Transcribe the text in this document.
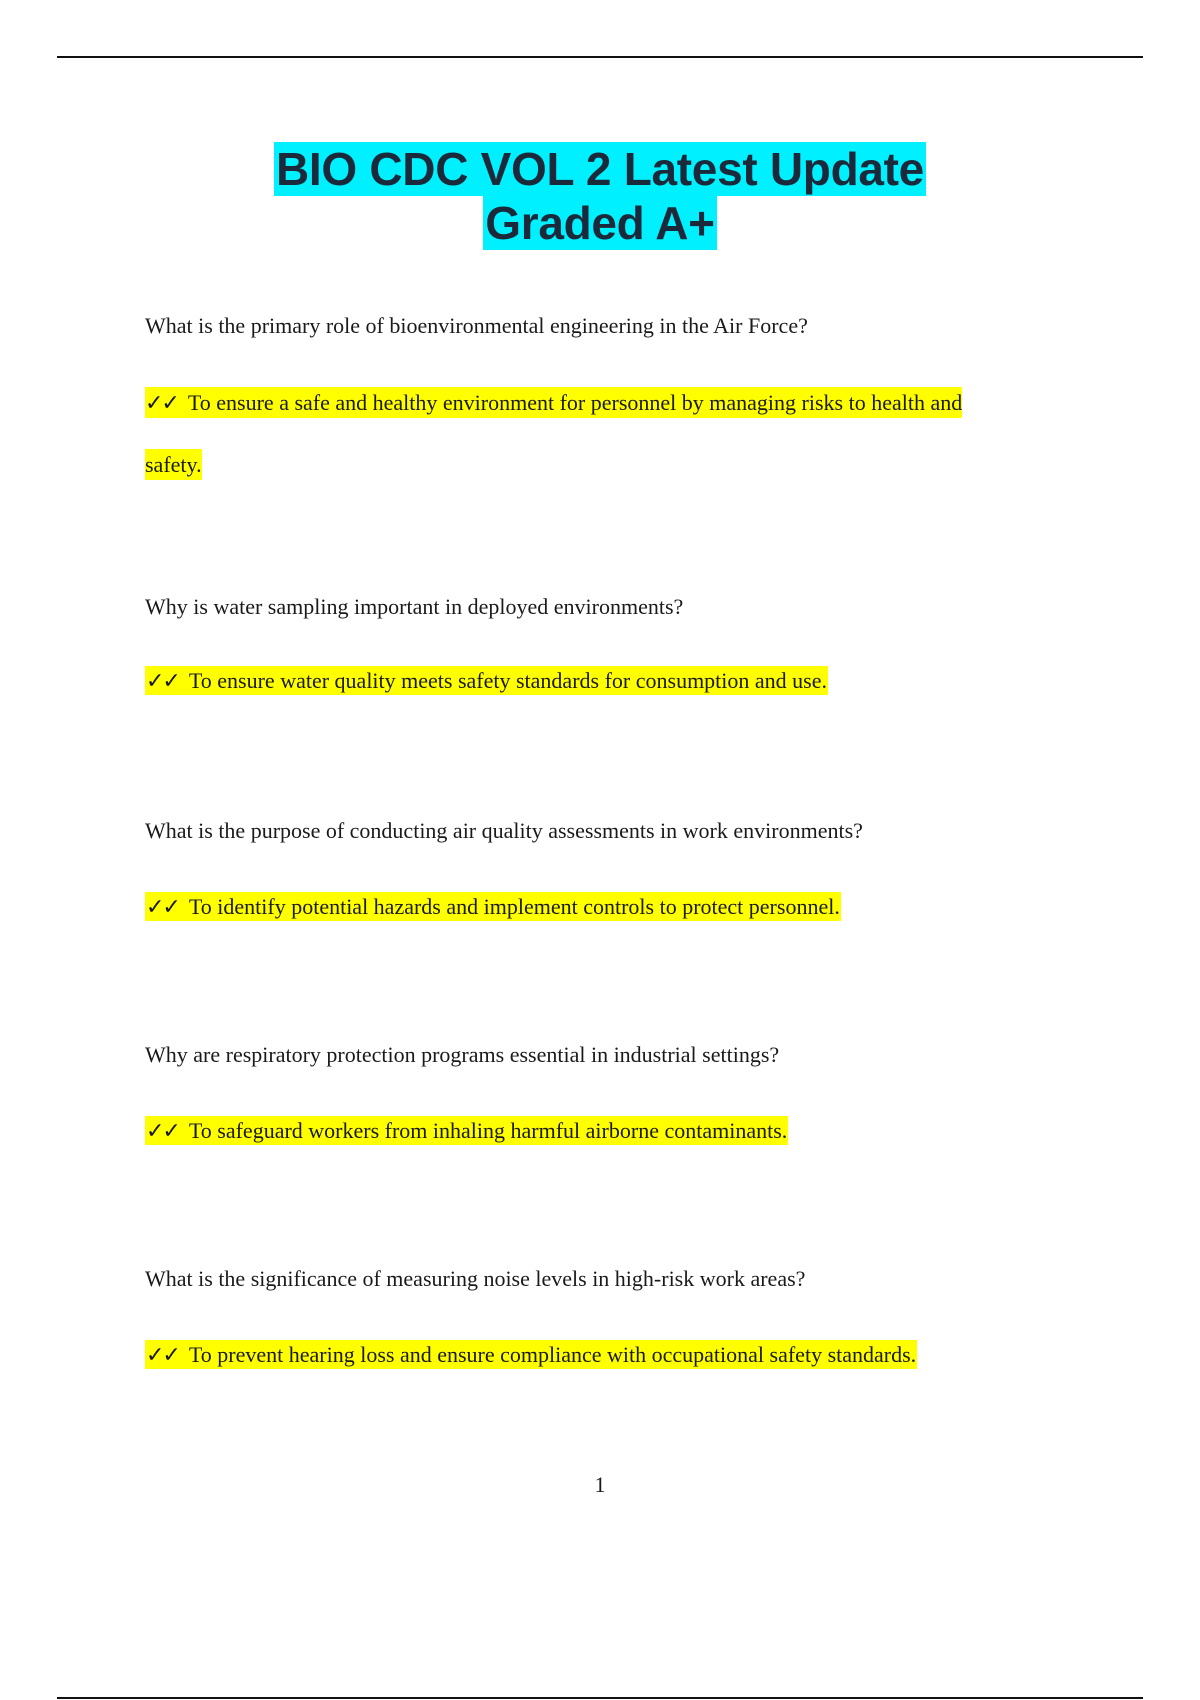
BIO CDC VOL 2 Latest Update
Graded A+
What is the primary role of bioenvironmental engineering in the Air Force?
✓✓ To ensure a safe and healthy environment for personnel by managing risks to health and
safety.
Why is water sampling important in deployed environments?
✓✓ To ensure water quality meets safety standards for consumption and use.
What is the purpose of conducting air quality assessments in work environments?
✓✓ To identify potential hazards and implement controls to protect personnel.
Why are respiratory protection programs essential in industrial settings?
✓✓ To safeguard workers from inhaling harmful airborne contaminants.
What is the significance of measuring noise levels in high-risk work areas?
✓✓ To prevent hearing loss and ensure compliance with occupational safety standards.
1
